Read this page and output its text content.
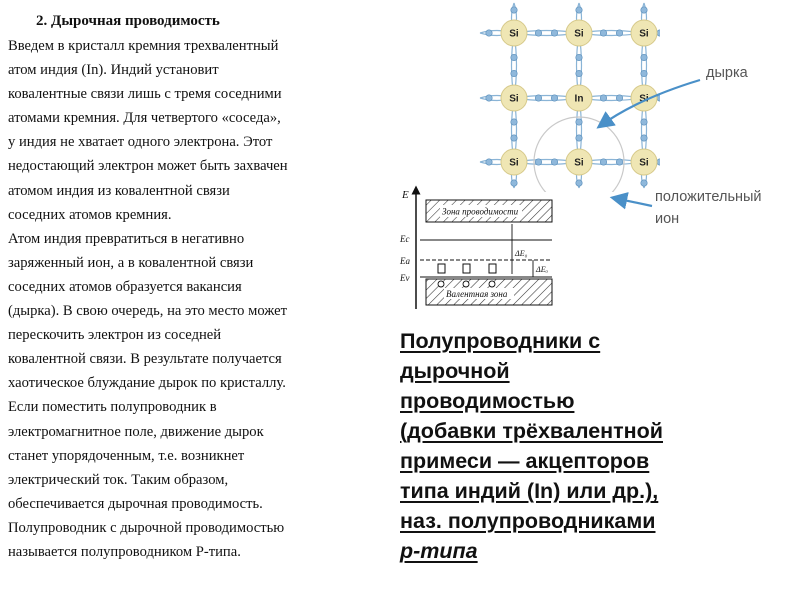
2. Дырочная проводимость
Введем в кристалл кремния трехвалентный
атом индия (In). Индий установит
ковалентные связи лишь с тремя соседними
атомами кремния. Для четвертого «соседа»,
у индия не хватает одного электрона. Этот
недостающий электрон может быть захвачен
атомом индия из ковалентной связи
соседних атомов кремния.
Атом индия превратиться в негативно
заряженный ион, а в ковалентной связи
соседних атомов образуется вакансия
(дырка). В свою очередь, на это место может
перескочить электрон из соседней
ковалентной связи. В результате получается
хаотическое блуждание дырок по кристаллу.
Если поместить полупроводник в
электромагнитное поле, движение дырок
станет упорядоченным, т.е. возникнет
электрический ток. Таким образом,
обеспечивается дырочная проводимость.
Полупроводник с дырочной проводимостью
называется полупроводником Р-типа.
Si	Si	Si
Si	In	Si
Si	Si	Si
дырка
положительный
ион
E
Зона проводимости
Ec
Ea
Ev
Валентная зона
ΔE₀
ΔEₐ
Полупроводники с
дырочной
проводимостью
(добавки трёхвалентной
примеси — акцепторов
типа индий (In) или др.),
наз. полупроводниками
p-типа
